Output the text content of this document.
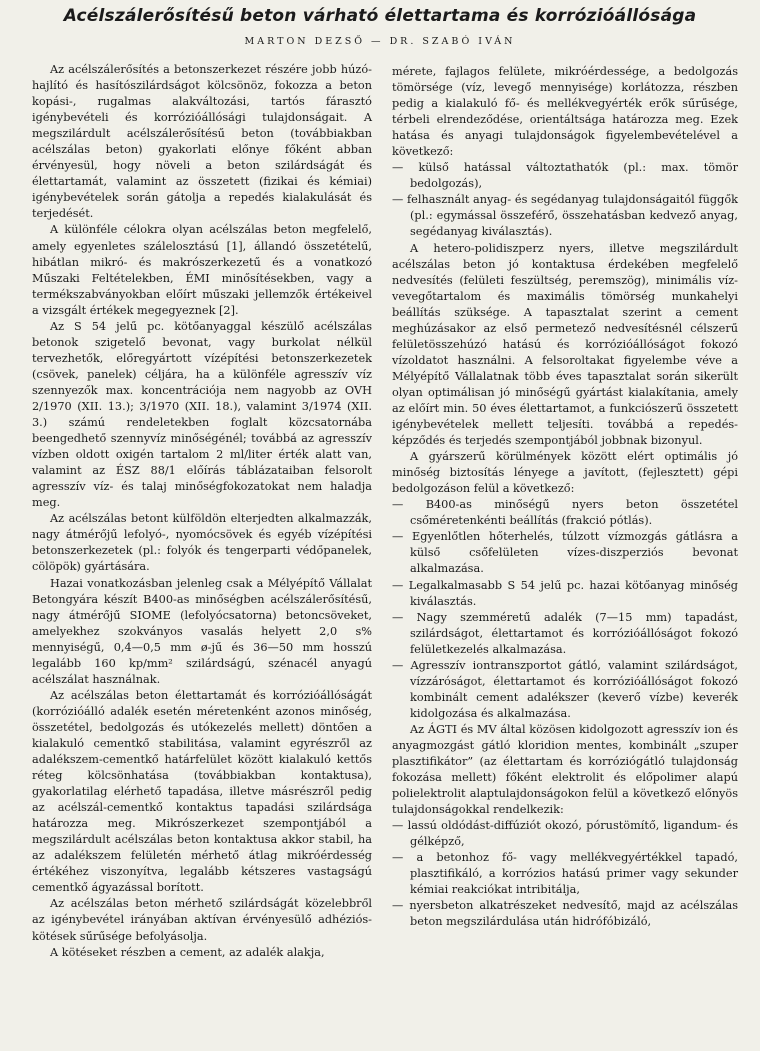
Acélszálerősítésű beton várható élettartama és korrózióállósága
MARTON DEZSŐ — DR. SZABÓ IVÁN

Az acélszálerősítés a betonszerkezet részére jobb húzó-hajlító és hasítószilárdságot kölcsönöz, fokozza a beton kopási-, rugalmas alakváltozási, tartós fárasztó igénybevételi és korrózióállósági tulajdonságait. A megszilárdult acélszálerősítésű beton (továbbiakban acélszálas beton) gyakorlati előnye főként abban érvényesül, hogy növeli a beton szilárdságát és élettartamát, valamint az összetett (fizikai és kémiai) igénybevételek során gátolja a repedés kialakulását és terjedését.

A különféle célokra olyan acélszálas beton megfelelő, amely egyenletes szálelosztású [1], állandó összetételű, hibátlan mikró- és makrószerkezetű és a vonatkozó Műszaki Feltételekben, ÉMI minősítésekben, vagy a termékszabványokban előírt műszaki jellemzők értékeivel a vizsgált értékek megegyeznek [2].

Az S 54 jelű pc. kötőanyaggal készülő acélszálas betonok szigetelő bevonat, vagy burkolat nélkül tervezhetők, előregyártott vízépítési betonszerkezetek (csövek, panelek) céljára, ha a különféle agresszív víz szennyezők max. koncentrációja nem nagyobb az OVH 2/1970 (XII. 13.); 3/1970 (XII. 18.), valamint 3/1974 (XII. 3.) számú rendeletekben foglalt közcsatornába beengedhető szennyvíz minőségénél; továbbá az agresszív vízben oldott oxigén tartalom 2 ml/liter érték alatt van, valamint az ÉSZ 88/1 előírás táblázataiban felsorolt agresszív víz- és talaj minőségfokozatokat nem haladja meg.

Az acélszálas betont külföldön elterjedten alkalmazzák, nagy átmérőjű lefolyó-, nyomócsövek és egyéb vízépítési betonszerkezetek (pl.: folyók és tengerparti védőpanelek, cölöpök) gyártására.

Hazai vonatkozásban jelenleg csak a Mélyépítő Vállalat Betongyára készít B400-as minőségben acélszálerősítésű, nagy átmérőjű SIOME (lefolyócsatorna) betoncsöveket, amelyekhez szokványos vasalás helyett 2,0 s% mennyiségű, 0,4—0,5 mm ø-jű és 36—50 mm hosszú legalább 160 kp/mm² szilárdságú, szénacél anyagú acélszálat használnak.

Az acélszálas beton élettartamát és korrózióállóságát (korrózióálló adalék esetén méretenként azonos minőség, összetétel, bedolgozás és utókezelés mellett) döntően a kialakuló cementkő stabilitása, valamint egyrészről az adalékszem-cementkő határfelület között kialakuló kettős réteg kölcsönhatása (továbbiakban kontaktusa), gyakorlatilag elérhető tapadása, illetve másrészről pedig az acélszál-cementkő kontaktus tapadási szilárdsága határozza meg. Mikrószerkezet szempontjából a megszilárdult acélszálas beton kontaktusa akkor stabil, ha az adalékszem felületén mérhető átlag mikróérdesség értékéhez viszonyítva, legalább kétszeres vastagságú cementkő ágyazással borított.

Az acélszálas beton mérhető szilárdságát közelebbről az igénybevétel irányában aktívan érvényesülő adhéziós-kötések sűrűsége befolyásolja.

A kötéseket részben a cement, az adalék alakja,

mérete, fajlagos felülete, mikróérdessége, a bedolgozás tömörsége (víz, levegő mennyisége) korlátozza, részben pedig a kialakuló fő- és mellékvegyérték erők sűrűsége, térbeli elrendeződése, orientáltsága határozza meg. Ezek hatása és anyagi tulajdonságok figyelembevételével a következő:

— külső hatással változtathatók (pl.: max. tömör bedolgozás),

— felhasznált anyag- és segédanyag tulajdonságaitól függők (pl.: egymással összeférő, összehatásban kedvező anyag, segédanyag kiválasztás).

A hetero-polidiszperz nyers, illetve megszilárdult acélszálas beton jó kontaktusa érdekében megfelelő nedvesítés (felületi feszültség, peremszög), minimális víz-vevegőtartalom és maximális tömörség munkahelyi beállítás szüksége. A tapasztalat szerint a cement meghúzásakor az első permetező nedvesítésnél célszerű felületösszehúzó hatású és korrózióállóságot fokozó vízoldatot használni. A felsoroltakat figyelembe véve a Mélyépítő Vállalatnak több éves tapasztalat során sikerült olyan optimálisan jó minőségű gyártást kialakítania, amely az előírt min. 50 éves élettartamot, a funkciószerű összetett igénybevételek mellett teljesíti. továbbá a repedés-képződés és terjedés szempontjából jobbnak bizonyul.

A gyárszerű körülmények között elért optimális jó minőség biztosítás lényege a javított, (fejlesztett) gépi bedolgozáson felül a következő:

— B400-as minőségű nyers beton összetétel csőméretenkénti beállítás (frakció pótlás).

— Egyenlőtlen hőterhelés, túlzott vízmozgás gátlásra a külső csőfelületen vízes-diszperziós bevonat alkalmazása.

— Legalkalmasabb S 54 jelű pc. hazai kötőanyag minőség kiválasztás.

— Nagy szemméretű adalék (7—15 mm) tapadást, szilárdságot, élettartamot és korrózióállóságot fokozó felületkezelés alkalmazása.

— Agresszív iontranszportot gátló, valamint szilárdságot, vízzáróságot, élettartamot és korrózióállóságot fokozó kombinált cement adalékszer (keverő vízbe) keverék kidolgozása és alkalmazása.

Az ÁGTI és MV által közösen kidolgozott agresszív ion és anyagmozgást gátló kloridion mentes, kombinált „szuper plasztifikátor” (az élettartam és korróziógátló tulajdonság fokozása mellett) főként elektrolit és előpolimer alapú polielektrolit alaptulajdonságokon felül a következő előnyös tulajdonságokkal rendelkezik:

— lassú oldódást-diffúziót okozó, pórustömítő, ligandum- és gélképző,

— a betonhoz fő- vagy mellékvegyértékkel tapadó, plasztifikáló, a korrózios hatású primer vagy sekunder kémiai reakciókat intribitálja,

— nyersbeton alkatrészeket nedvesítő, majd az acélszálas beton megszilárdulása után hidrófóbizáló,
